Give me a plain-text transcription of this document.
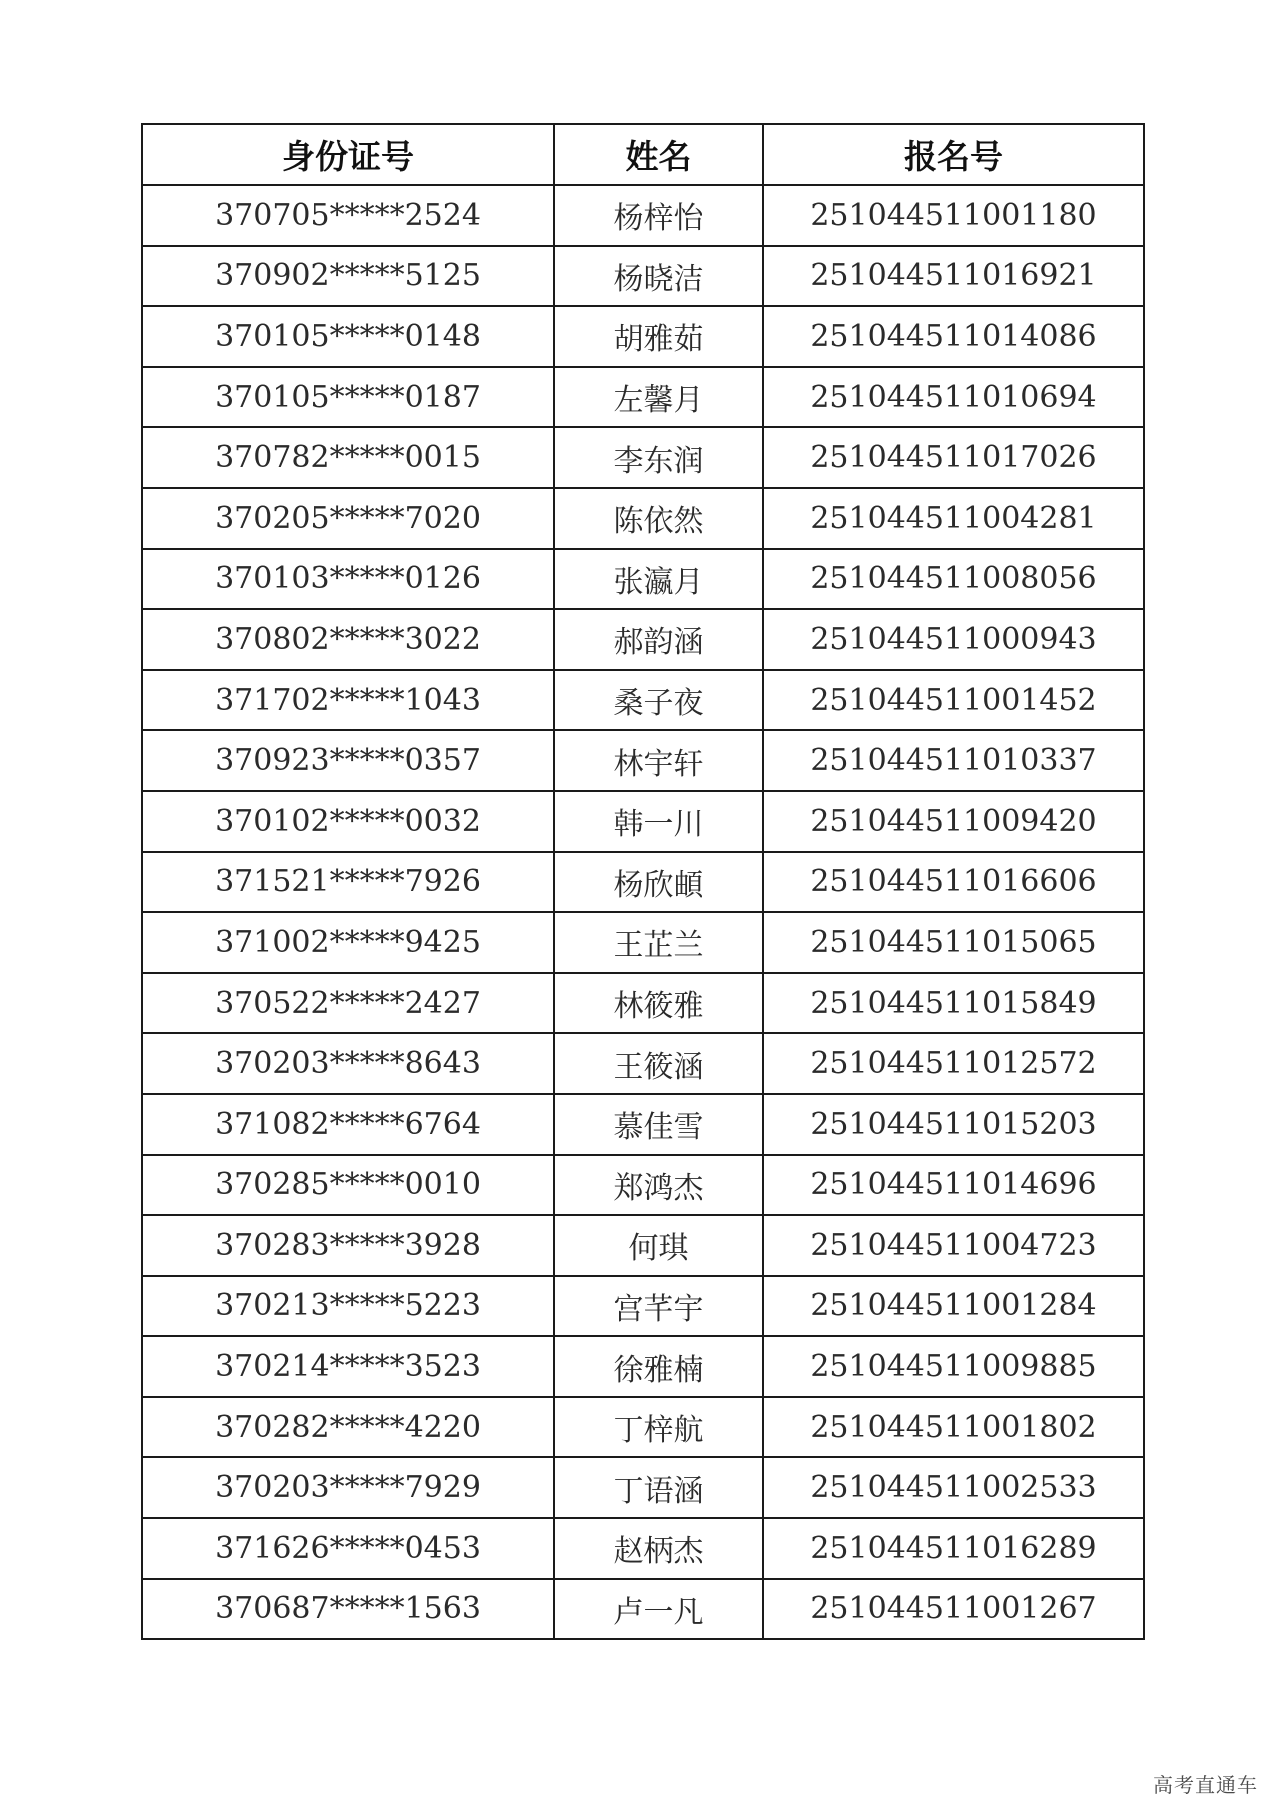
身份证号	姓名	报名号
370705*****2524	杨梓怡	251044511001180
370902*****5125	杨晓洁	251044511016921
370105*****0148	胡雅茹	251044511014086
370105*****0187	左馨月	251044511010694
370782*****0015	李东润	251044511017026
370205*****7020	陈依然	251044511004281
370103*****0126	张瀛月	251044511008056
370802*****3022	郝韵涵	251044511000943
371702*****1043	桑子夜	251044511001452
370923*****0357	林宇轩	251044511010337
370102*****0032	韩一川	251044511009420
371521*****7926	杨欣頔	251044511016606
371002*****9425	王芷兰	251044511015065
370522*****2427	林筱雅	251044511015849
370203*****8643	王筱涵	251044511012572
371082*****6764	慕佳雪	251044511015203
370285*****0010	郑鸿杰	251044511014696
370283*****3928	何琪	251044511004723
370213*****5223	宫芊宇	251044511001284
370214*****3523	徐雅楠	251044511009885
370282*****4220	丁梓航	251044511001802
370203*****7929	丁语涵	251044511002533
371626*****0453	赵柄杰	251044511016289
370687*****1563	卢一凡	251044511001267
高考直通车
